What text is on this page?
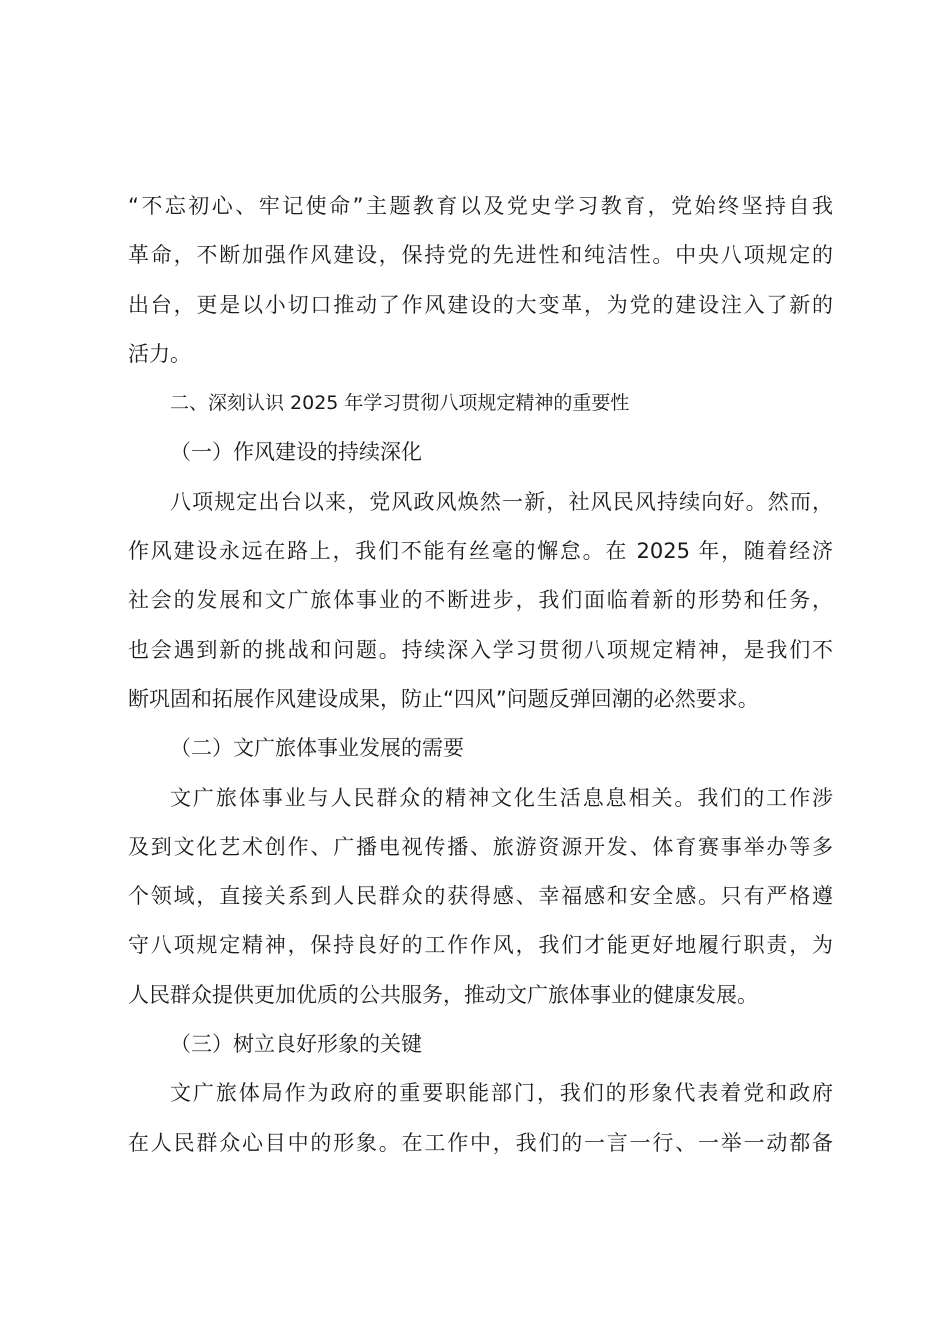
“不忘初心、牢记使命”主题教育以及党史学习教育，党始终坚持自我
革命，不断加强作风建设，保持党的先进性和纯洁性。中央八项规定的
出台，更是以小切口推动了作风建设的大变革，为党的建设注入了新的
活力。
二、深刻认识 2025 年学习贯彻八项规定精神的重要性
（一）作风建设的持续深化
八项规定出台以来，党风政风焕然一新，社风民风持续向好。然而，
作风建设永远在路上，我们不能有丝毫的懈怠。在 2025 年，随着经济
社会的发展和文广旅体事业的不断进步，我们面临着新的形势和任务，
也会遇到新的挑战和问题。持续深入学习贯彻八项规定精神，是我们不
断巩固和拓展作风建设成果，防止“四风”问题反弹回潮的必然要求。
（二）文广旅体事业发展的需要
文广旅体事业与人民群众的精神文化生活息息相关。我们的工作涉
及到文化艺术创作、广播电视传播、旅游资源开发、体育赛事举办等多
个领域，直接关系到人民群众的获得感、幸福感和安全感。只有严格遵
守八项规定精神，保持良好的工作作风，我们才能更好地履行职责，为
人民群众提供更加优质的公共服务，推动文广旅体事业的健康发展。
（三）树立良好形象的关键
文广旅体局作为政府的重要职能部门，我们的形象代表着党和政府
在人民群众心目中的形象。在工作中，我们的一言一行、一举一动都备
